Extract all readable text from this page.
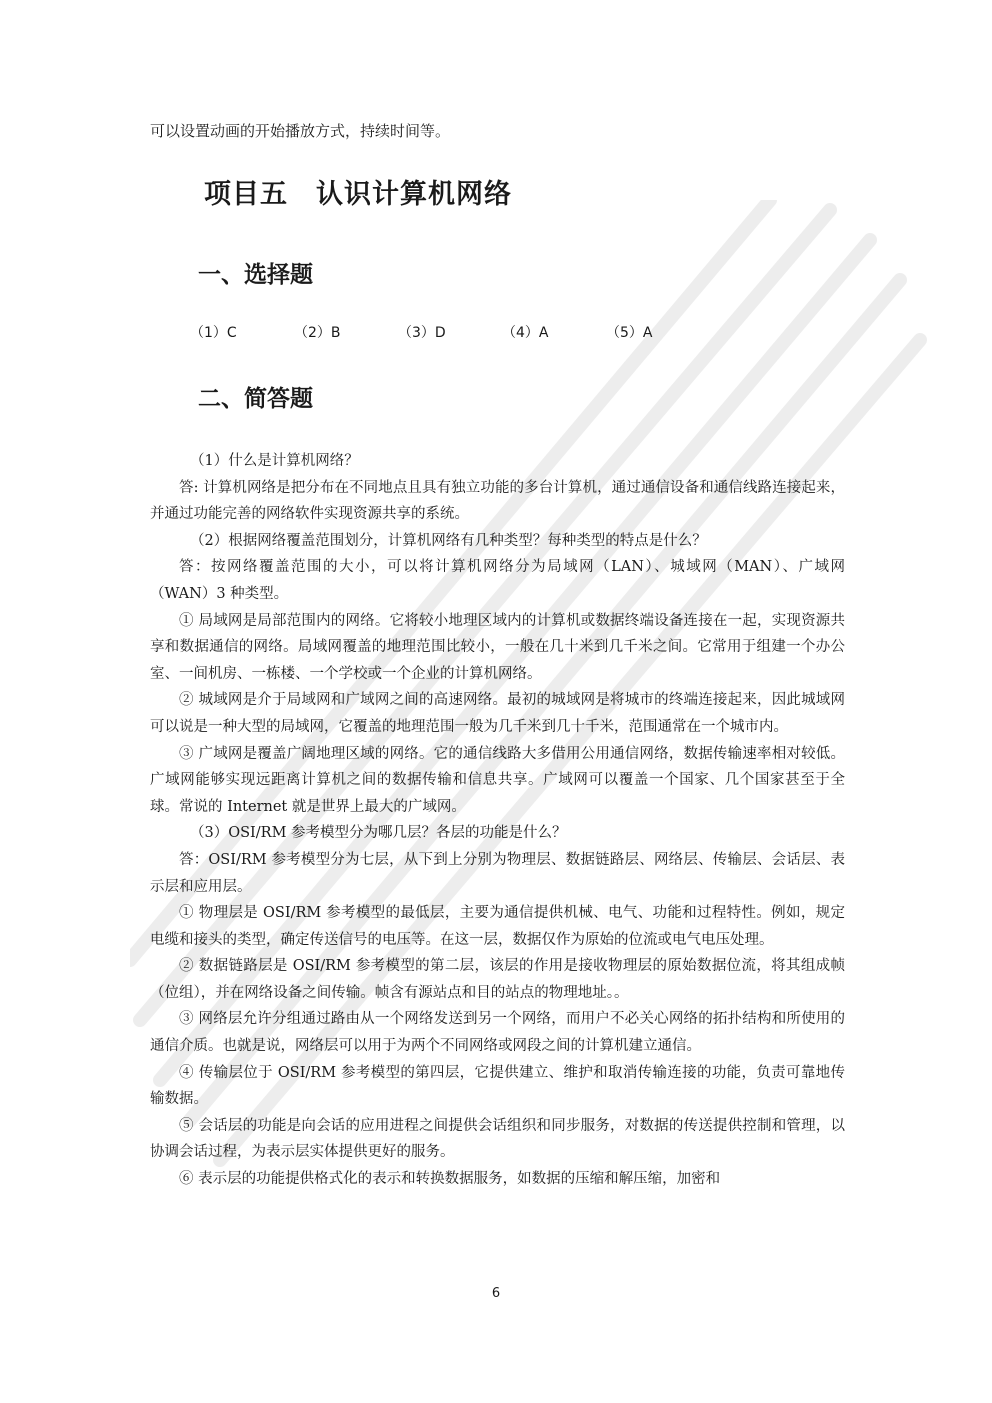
可以设置动画的开始播放方式，持续时间等。
项目五　认识计算机网络
一、选择题
（1）C	（2）B	（3）D	（4）A	（5）A
二、简答题

（1）什么是计算机网络？

答: 计算机网络是把分布在不同地点且具有独立功能的多台计算机，通过通信设备和通信线路连接起来，并通过功能完善的网络软件实现资源共享的系统。

（2）根据网络覆盖范围划分，计算机网络有几种类型？每种类型的特点是什么？

答：按网络覆盖范围的大小，可以将计算机网络分为局域网（LAN）、城域网（MAN）、广域网（WAN）3 种类型。

① 局域网是局部范围内的网络。它将较小地理区域内的计算机或数据终端设备连接在一起，实现资源共享和数据通信的网络。局域网覆盖的地理范围比较小，一般在几十米到几千米之间。它常用于组建一个办公室、一间机房、一栋楼、一个学校或一个企业的计算机网络。

② 城域网是介于局域网和广域网之间的高速网络。最初的城域网是将城市的终端连接起来，因此城域网可以说是一种大型的局域网，它覆盖的地理范围一般为几千米到几十千米，范围通常在一个城市内。

③ 广域网是覆盖广阔地理区域的网络。它的通信线路大多借用公用通信网络，数据传输速率相对较低。广域网能够实现远距离计算机之间的数据传输和信息共享。广域网可以覆盖一个国家、几个国家甚至于全球。常说的 Internet 就是世界上最大的广域网。

（3）OSI/RM 参考模型分为哪几层？各层的功能是什么？

答：OSI/RM 参考模型分为七层，从下到上分别为物理层、数据链路层、网络层、传输层、会话层、表示层和应用层。

① 物理层是 OSI/RM 参考模型的最低层，主要为通信提供机械、电气、功能和过程特性。例如，规定电缆和接头的类型，确定传送信号的电压等。在这一层，数据仅作为原始的位流或电气电压处理。

② 数据链路层是 OSI/RM 参考模型的第二层，该层的作用是接收物理层的原始数据位流，将其组成帧（位组），并在网络设备之间传输。帧含有源站点和目的站点的物理地址。。

③ 网络层允许分组通过路由从一个网络发送到另一个网络，而用户不必关心网络的拓扑结构和所使用的通信介质。也就是说，网络层可以用于为两个不同网络或网段之间的计算机建立通信。

④ 传输层位于 OSI/RM 参考模型的第四层，它提供建立、维护和取消传输连接的功能，负责可靠地传输数据。

⑤ 会话层的功能是向会话的应用进程之间提供会话组织和同步服务，对数据的传送提供控制和管理，以协调会话过程，为表示层实体提供更好的服务。

⑥ 表示层的功能提供格式化的表示和转换数据服务，如数据的压缩和解压缩，加密和

6
